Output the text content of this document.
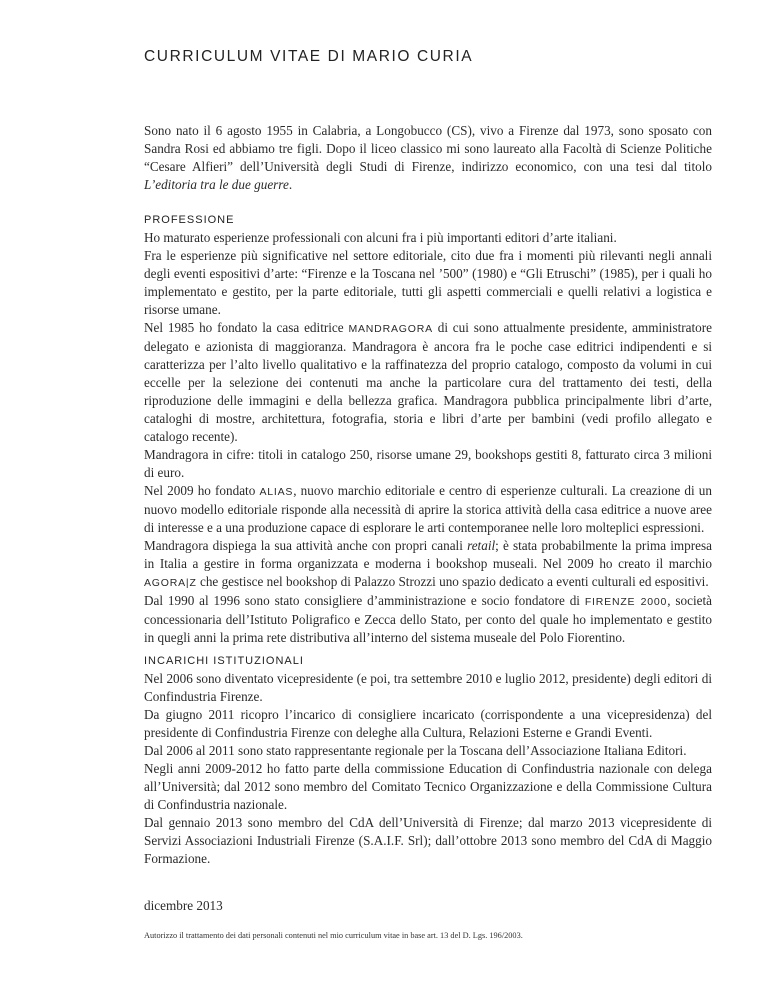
CURRICULUM VITAE DI MARIO CURIA

Sono nato il 6 agosto 1955 in Calabria, a Longobucco (CS), vivo a Firenze dal 1973, sono sposato con Sandra Rosi ed abbiamo tre figli. Dopo il liceo classico mi sono laureato alla Facoltà di Scienze Politiche “Cesare Alfieri” dell’Università degli Studi di Firenze, indirizzo economico, con una tesi dal titolo L’editoria tra le due guerre.

PROFESSIONE

Ho maturato esperienze professionali con alcuni fra i più importanti editori d’arte italiani.

Fra le esperienze più significative nel settore editoriale, cito due fra i momenti più rilevanti negli annali degli eventi espositivi d’arte: “Firenze e la Toscana nel ’500” (1980) e “Gli Etruschi” (1985), per i quali ho implementato e gestito, per la parte editoriale, tutti gli aspetti commerciali e quelli relativi a logistica e risorse umane.

Nel 1985 ho fondato la casa editrice MANDRAGORA di cui sono attualmente presidente, amministratore delegato e azionista di maggioranza. Mandragora è ancora fra le poche case editrici indipendenti e si caratterizza per l’alto livello qualitativo e la raffinatezza del proprio catalogo, composto da volumi in cui eccelle per la selezione dei contenuti ma anche la particolare cura del trattamento dei testi, della riproduzione delle immagini e della bellezza grafica. Mandragora pubblica principalmente libri d’arte, cataloghi di mostre, architettura, fotografia, storia e libri d’arte per bambini (vedi profilo allegato e catalogo recente).

Mandragora in cifre: titoli in catalogo 250, risorse umane 29, bookshops gestiti 8, fatturato circa 3 milioni di euro.

Nel 2009 ho fondato ALIAS, nuovo marchio editoriale e centro di esperienze culturali. La creazione di un nuovo modello editoriale risponde alla necessità di aprire la storica attività della casa editrice a nuove aree di interesse e a una produzione capace di esplorare le arti contemporanee nelle loro molteplici espressioni.

Mandragora dispiega la sua attività anche con propri canali retail; è stata probabilmente la prima impresa in Italia a gestire in forma organizzata e moderna i bookshop museali. Nel 2009 ho creato il marchio AGORA|Z che gestisce nel bookshop di Palazzo Strozzi uno spazio dedicato a eventi culturali ed espositivi.

Dal 1990 al 1996 sono stato consigliere d’amministrazione e socio fondatore di FIRENZE 2000, società concessionaria dell’Istituto Poligrafico e Zecca dello Stato, per conto del quale ho implementato e gestito in quegli anni la prima rete distributiva all’interno del sistema museale del Polo Fiorentino.

INCARICHI ISTITUZIONALI

Nel 2006 sono diventato vicepresidente (e poi, tra settembre 2010 e luglio 2012, presidente) degli editori di Confindustria Firenze.

Da giugno 2011 ricopro l’incarico di consigliere incaricato (corrispondente a una vicepresidenza) del presidente di Confindustria Firenze con deleghe alla Cultura, Relazioni Esterne e Grandi Eventi.

Dal 2006 al 2011 sono stato rappresentante regionale per la Toscana dell’Associazione Italiana Editori.

Negli anni 2009-2012 ho fatto parte della commissione Education di Confindustria nazionale con delega all’Università; dal 2012 sono membro del Comitato Tecnico Organizzazione e della Commissione Cultura di Confindustria nazionale.

Dal gennaio 2013 sono membro del CdA dell’Università di Firenze; dal marzo 2013 vicepresidente di Servizi Associazioni Industriali Firenze (S.A.I.F. Srl); dall’ottobre 2013 sono membro del CdA di Maggio Formazione.

dicembre 2013

Autorizzo il trattamento dei dati personali contenuti nel mio curriculum vitae in base art. 13 del D. Lgs. 196/2003.
